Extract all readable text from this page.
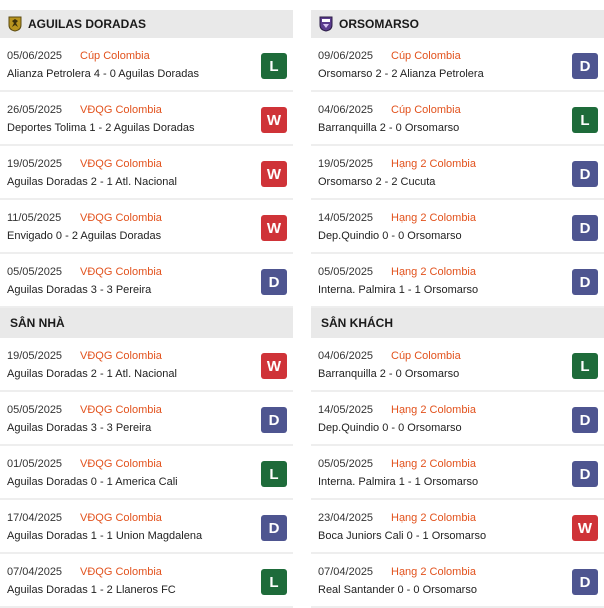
AGUILAS DORADAS
05/06/2025 Cúp Colombia
Alianza Petrolera 4 - 0 Aguilas Doradas	L
26/05/2025 VĐQG Colombia
Deportes Tolima 1 - 2 Aguilas Doradas	W
19/05/2025 VĐQG Colombia
Aguilas Doradas 2 - 1 Atl. Nacional	W
11/05/2025 VĐQG Colombia
Envigado 0 - 2 Aguilas Doradas	W
05/05/2025 VĐQG Colombia
Aguilas Doradas 3 - 3 Pereira	D
SÂN NHÀ
19/05/2025 VĐQG Colombia
Aguilas Doradas 2 - 1 Atl. Nacional	W
05/05/2025 VĐQG Colombia
Aguilas Doradas 3 - 3 Pereira	D
01/05/2025 VĐQG Colombia
Aguilas Doradas 0 - 1 America Cali	L
17/04/2025 VĐQG Colombia
Aguilas Doradas 1 - 1 Union Magdalena	D
07/04/2025 VĐQG Colombia
Aguilas Doradas 1 - 2 Llaneros FC	L
ORSOMARSO
09/06/2025 Cúp Colombia
Orsomarso 2 - 2 Alianza Petrolera	D
04/06/2025 Cúp Colombia
Barranquilla 2 - 0 Orsomarso	L
19/05/2025 Hạng 2 Colombia
Orsomarso 2 - 2 Cucuta	D
14/05/2025 Hạng 2 Colombia
Dep.Quindio 0 - 0 Orsomarso	D
05/05/2025 Hạng 2 Colombia
Interna. Palmira 1 - 1 Orsomarso	D
SÂN KHÁCH
04/06/2025 Cúp Colombia
Barranquilla 2 - 0 Orsomarso	L
14/05/2025 Hạng 2 Colombia
Dep.Quindio 0 - 0 Orsomarso	D
05/05/2025 Hạng 2 Colombia
Interna. Palmira 1 - 1 Orsomarso	D
23/04/2025 Hạng 2 Colombia
Boca Juniors Cali 0 - 1 Orsomarso	W
07/04/2025 Hạng 2 Colombia
Real Santander 0 - 0 Orsomarso	D
